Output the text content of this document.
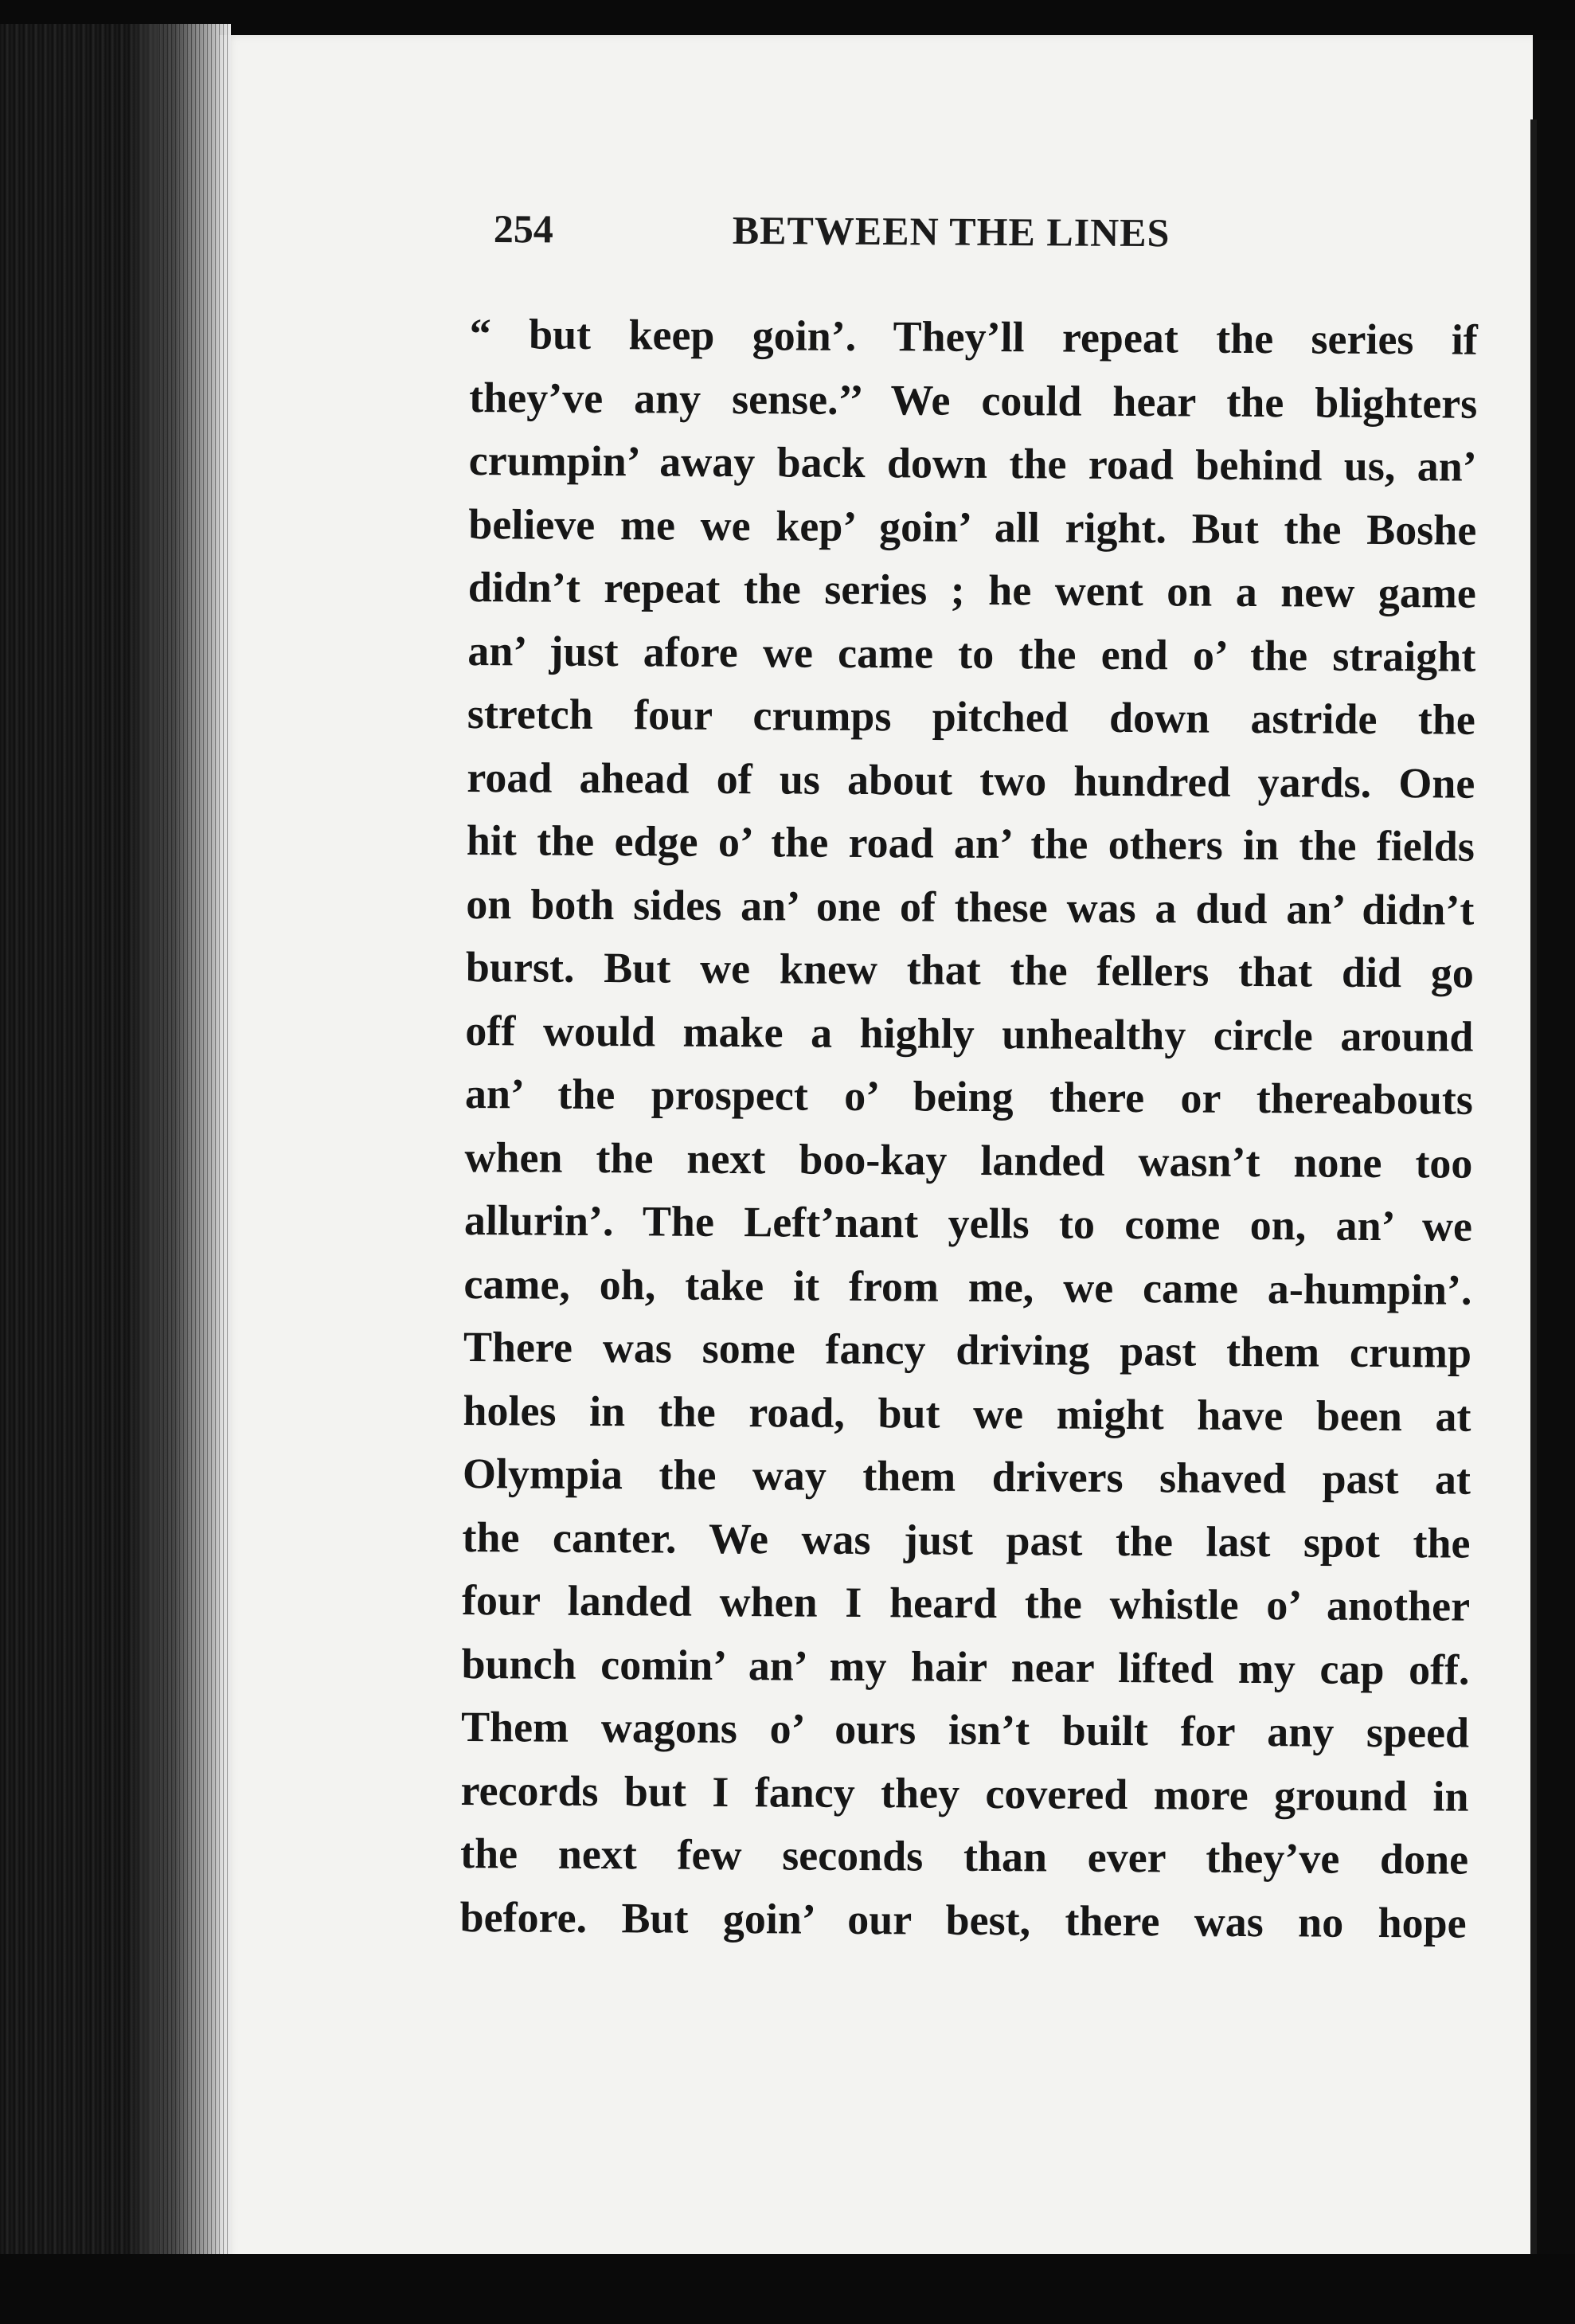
254	BETWEEN THE LINES
“ but keep goin’. They’ll repeat the series if
they’ve any sense.’’ We could hear the blighters
crumpin’ away back down the road behind us, an’
believe me we kep’ goin’ all right. But the Boshe
didn’t repeat the series ; he went on a new game
an’ just afore we came to the end o’ the straight
stretch four crumps pitched down astride the
road ahead of us about two hundred yards. One
hit the edge o’ the road an’ the others in the fields
on both sides an’ one of these was a dud an’ didn’t
burst. But we knew that the fellers that did go
off would make a highly unhealthy circle around
an’ the prospect o’ being there or thereabouts
when the next boo-kay landed wasn’t none too
allurin’. The Left’nant yells to come on, an’ we
came, oh, take it from me, we came a-humpin’.
There was some fancy driving past them crump
holes in the road, but we might have been at
Olympia the way them drivers shaved past at
the canter. We was just past the last spot the
four landed when I heard the whistle o’ another
bunch comin’ an’ my hair near lifted my cap off.
Them wagons o’ ours isn’t built for any speed
records but I fancy they covered more ground in
the next few seconds than ever they’ve done
before. But goin’ our best, there was no hope
